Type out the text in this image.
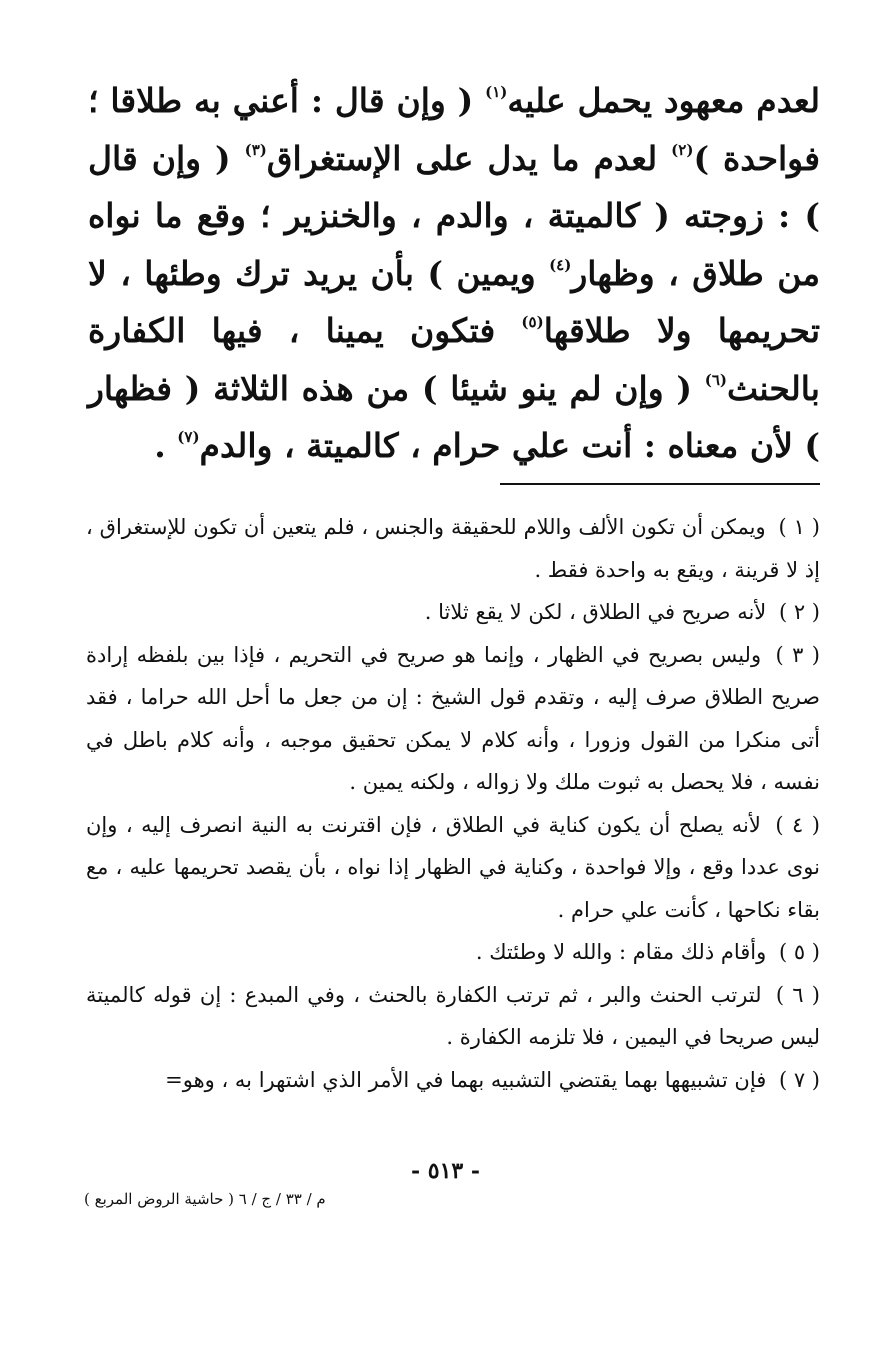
لعدم معهود يحمل عليه$^{(١)}$ ( وإن قال : أعني به طلاقا ؛ فواحدة )$^{(٢)}$ لعدم ما يدل على الإستغراق$^{(٣)}$ ( وإن قال ) : زوجته ( كالميتة ، والدم ، والخنزير ؛ وقع ما نواه من طلاق ، وظهار$^{(٤)}$ ويمين ) بأن يريد ترك وطئها ، لا تحريمها ولا طلاقها$^{(٥)}$ فتكون يمينا ، فيها الكفارة بالحنث$^{(٦)}$ ( وإن لم ينو شيئا ) من هذه الثلاثة ( فظهار ) لأن معناه : أنت علي حرام ، كالميتة ، والدم$^{(٧)}$ .

( ١ ) ويمكن أن تكون الألف واللام للحقيقة والجنس ، فلم يتعين أن تكون للإستغراق ، إذ لا قرينة ، ويقع به واحدة فقط .

( ٢ ) لأنه صريح في الطلاق ، لكن لا يقع ثلاثا .

( ٣ ) وليس بصريح في الظهار ، وإنما هو صريح في التحريم ، فإذا بين بلفظه إرادة صريح الطلاق صرف إليه ، وتقدم قول الشيخ : إن من جعل ما أحل الله حراما ، فقد أتى منكرا من القول وزورا ، وأنه كلام لا يمكن تحقيق موجبه ، وأنه كلام باطل في نفسه ، فلا يحصل به ثبوت ملك ولا زواله ، ولكنه يمين .

( ٤ ) لأنه يصلح أن يكون كناية في الطلاق ، فإن اقترنت به النية انصرف إليه ، وإن نوى عددا وقع ، وإلا فواحدة ، وكناية في الظهار إذا نواه ، بأن يقصد تحريمها عليه ، مع بقاء نكاحها ، كأنت علي حرام .

( ٥ ) وأقام ذلك مقام : والله لا وطئتك .

( ٦ ) لترتب الحنث والبر ، ثم ترتب الكفارة بالحنث ، وفي المبدع : إن قوله كالميتة ليس صريحا في اليمين ، فلا تلزمه الكفارة .

( ٧ ) فإن تشبيهها بهما يقتضي التشبيه بهما في الأمر الذي اشتهرا به ، وهو=

- ٥١٣ -
م / ٣٣ / ج / ٦ ( حاشية الروض المربع )
